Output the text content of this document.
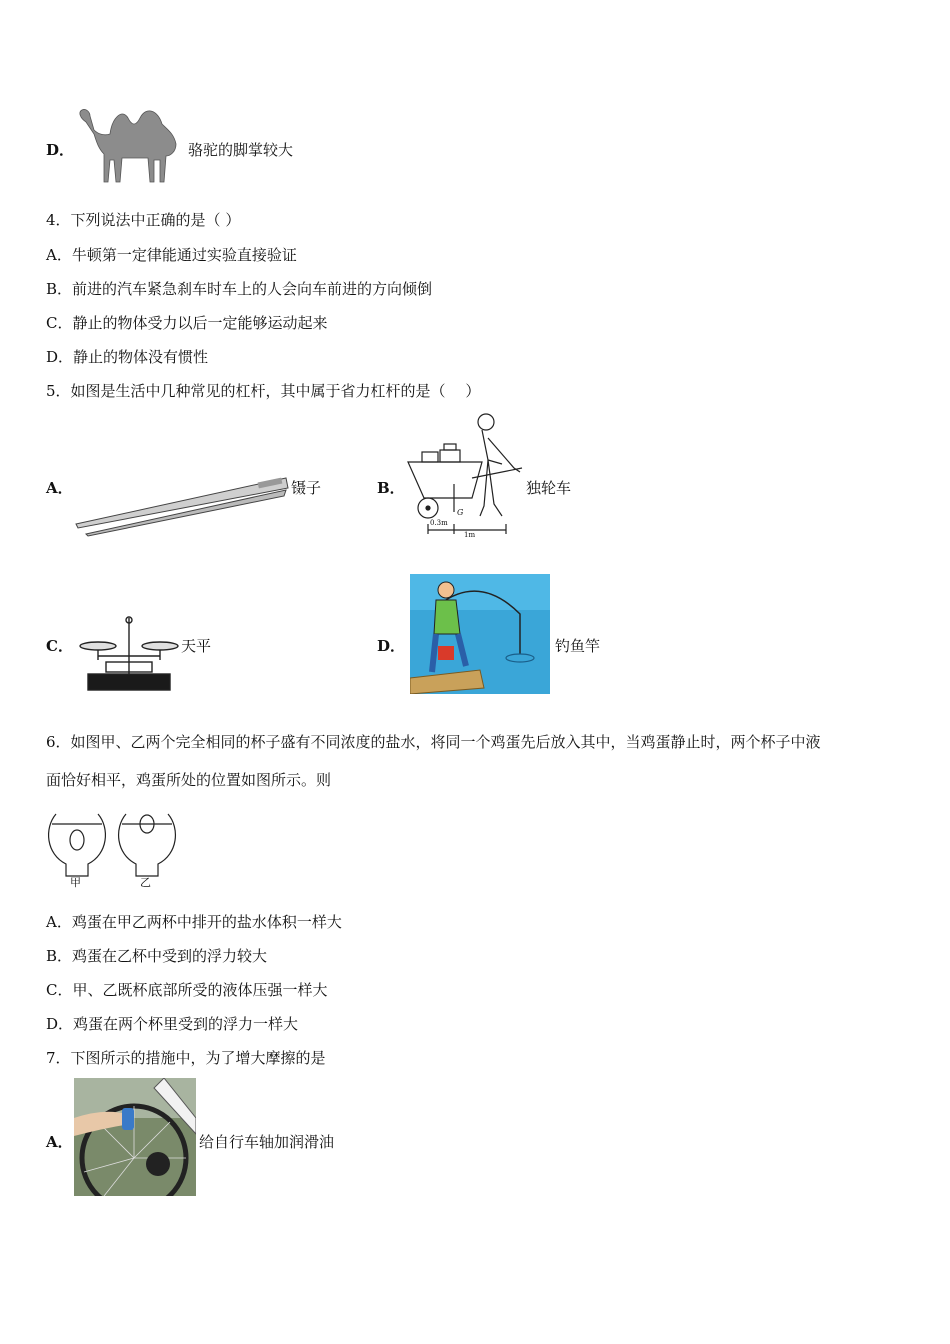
D．	骆驼的脚掌较大
4．下列说法中正确的是（ ）
A．牛顿第一定律能通过实验直接验证
B．前进的汽车紧急刹车时车上的人会向车前进的方向倾倒
C．静止的物体受力以后一定能够运动起来
D．静止的物体没有惯性
5．如图是生活中几种常见的杠杆，其中属于省力杠杆的是（　 ）
A．	镊子	B．
G
0.3m
1m
独轮车
C．	天平	D．	钓鱼竿
6．如图甲、乙两个完全相同的杯子盛有不同浓度的盐水，将同一个鸡蛋先后放入其中，当鸡蛋静止时，两个杯子中液
面恰好相平，鸡蛋所处的位置如图所示。则
甲	乙
A．鸡蛋在甲乙两杯中排开的盐水体积一样大
B．鸡蛋在乙杯中受到的浮力较大
C．甲、乙既杯底部所受的液体压强一样大
D．鸡蛋在两个杯里受到的浮力一样大
7．下图所示的措施中，为了增大摩擦的是
A．	给自行车轴加润滑油
